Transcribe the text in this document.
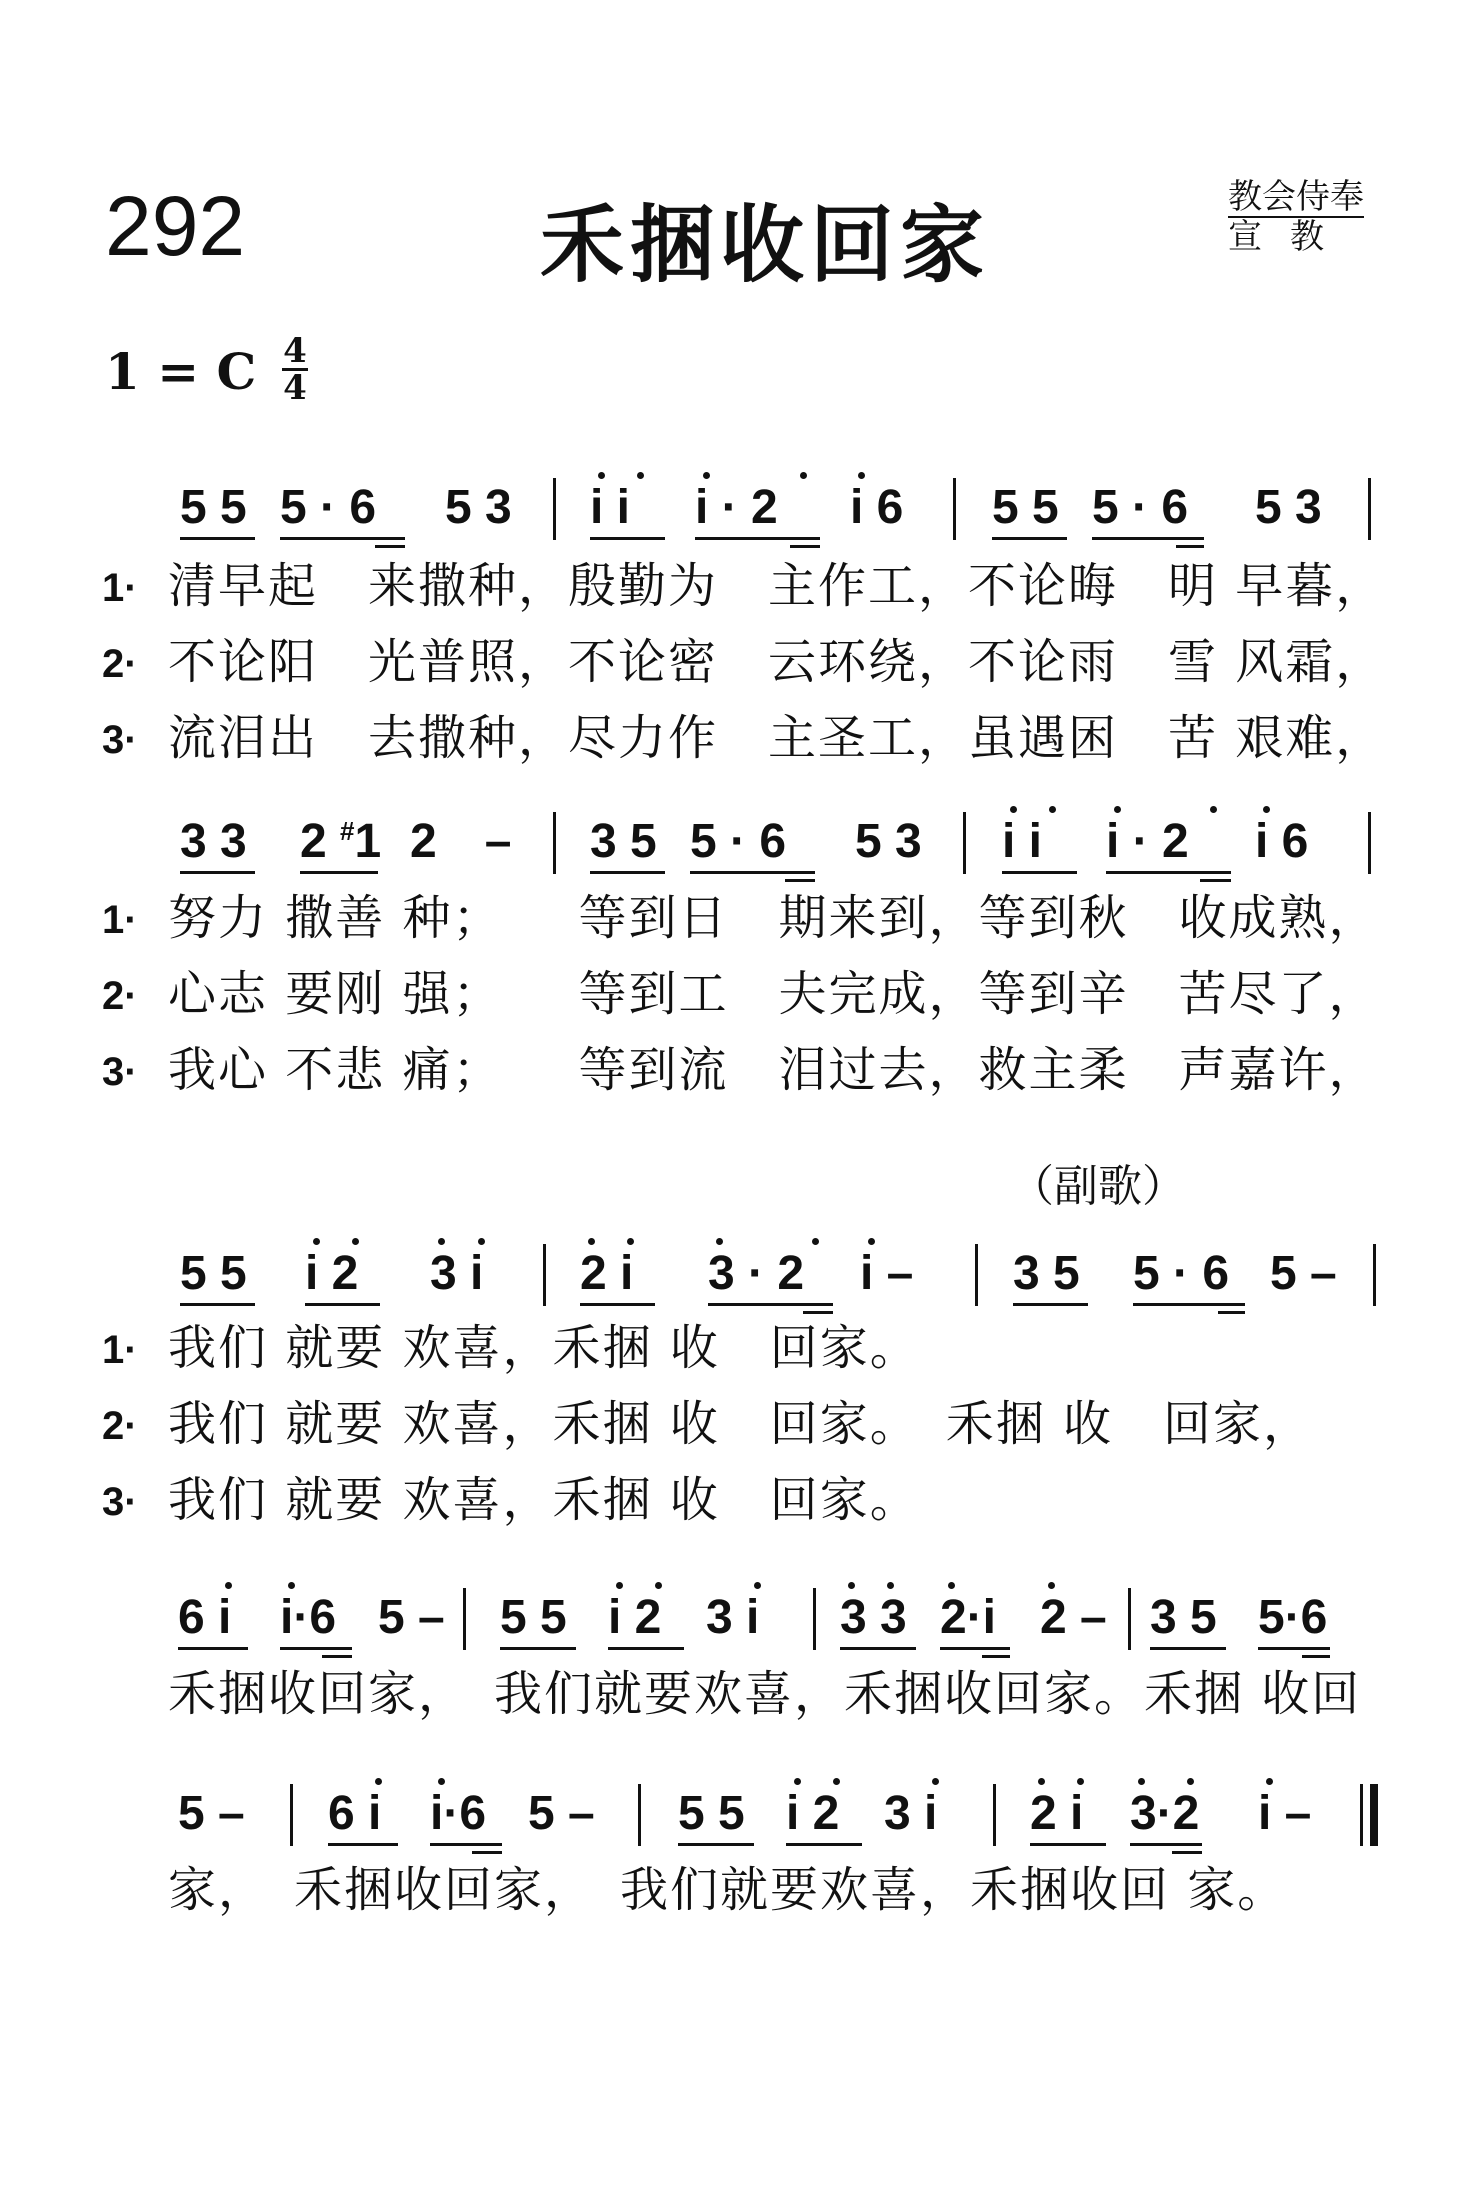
292	禾捆收回家	教会侍奉
宣教
1 = C 4
4
（副歌）
5 5 5 · 6 5 3 i i i · 2 i 6 5 5 5 · 6 5 3
1· 清早起　来撒种，殷勤为　主作工，不论晦　明 早暮，
2· 不论阳　光普照，不论密　云环绕，不论雨　雪 风霜，
3· 流泪出　去撒种，尽力作　主圣工，虽遇困　苦 艰难，
3 3 2 #1 2　– 3 5 5 · 6 5 3 i i i · 2 i 6
1· 努力 撒善 种；　　等到日　期来到，等到秋　收成熟，
2· 心志 要刚 强；　　等到工　夫完成，等到辛　苦尽了，
3· 我心 不悲 痛；　　等到流　泪过去，救主柔　声嘉许，
5 5 i 2 3 i 2 i 3 · 2 i – 3 5 5 · 6 5 –
1· 我们 就要 欢喜，禾捆 收　回家。
2· 我们 就要 欢喜，禾捆 收　回家。　禾捆 收　回家，
3· 我们 就要 欢喜，禾捆 收　回家。
6 i i·6 5 – 5 5 i 2 3 i 3 3 2·i 2 – 3 5 5·6
禾捆收回家，　我们就要欢喜，禾捆收回家。禾捆 收回
5 – 6 i i·6 5 – 5 5 i 2 3 i 2 i 3·2 i –
家，　禾捆收回家，　我们就要欢喜，禾捆收回 家。
